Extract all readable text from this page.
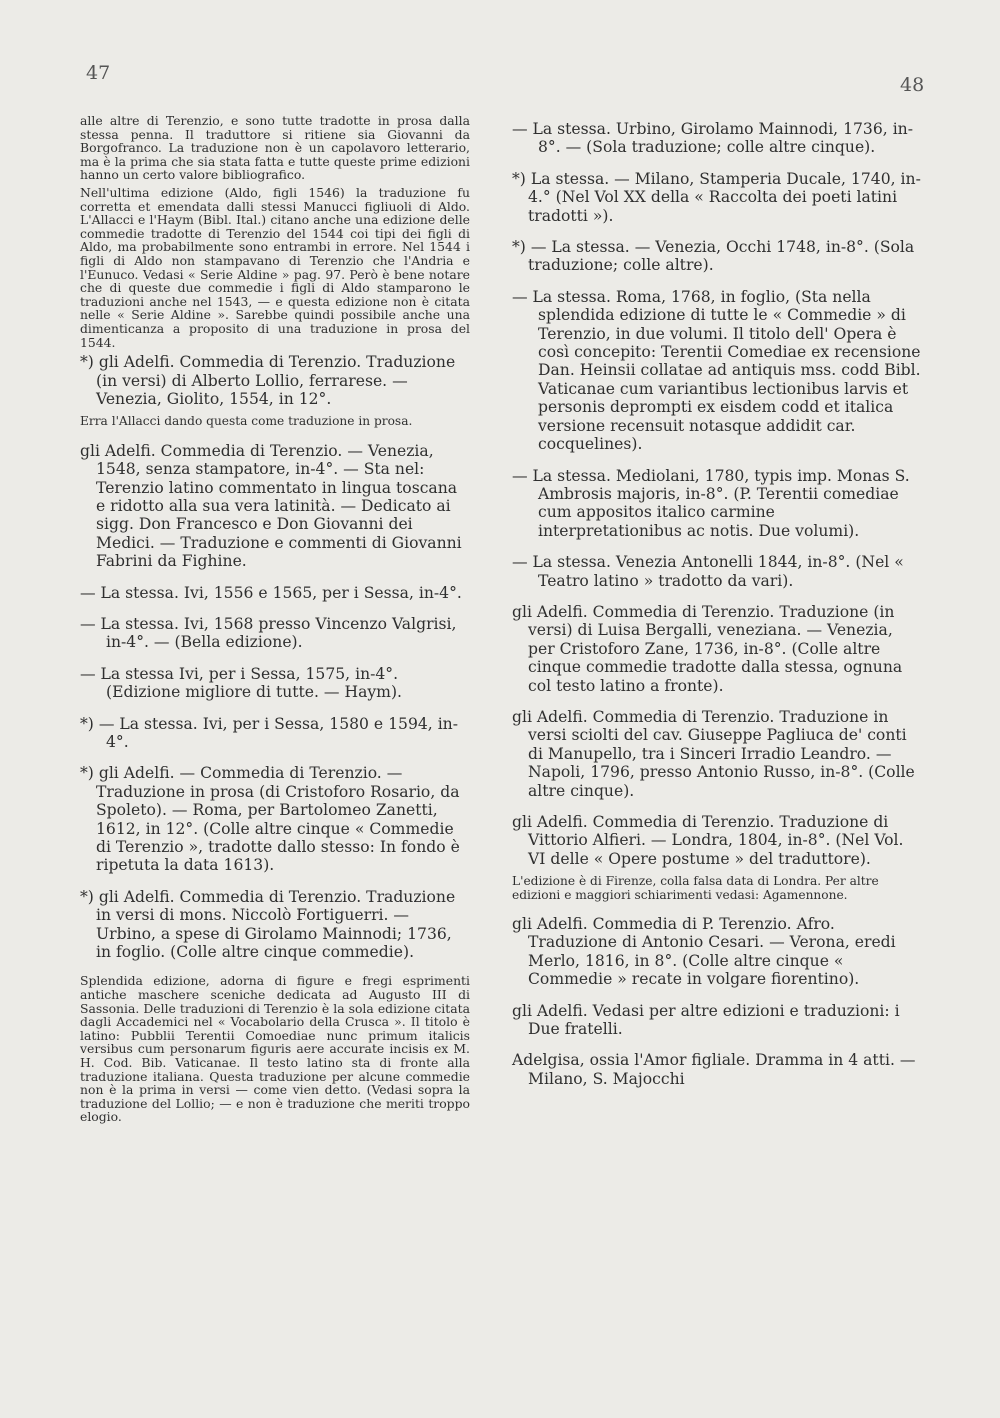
47
48

alle altre di Terenzio, e sono tutte tradotte in prosa dalla stessa penna. Il traduttore si ritiene sia Giovanni da Borgofranco. La traduzione non è un capolavoro letterario, ma è la prima che sia stata fatta e tutte queste prime edizioni hanno un certo valore bibliografico.

Nell'ultima edizione (Aldo, figli 1546) la traduzione fu corretta et emendata dalli stessi Manucci figliuoli di Aldo. L'Allacci e l'Haym (Bibl. Ital.) citano anche una edizione delle commedie tradotte di Terenzio del 1544 coi tipi dei figli di Aldo, ma probabilmente sono entrambi in errore. Nel 1544 i figli di Aldo non stampavano di Terenzio che l'Andria e l'Eunuco. Vedasi « Serie Aldine » pag. 97. Però è bene notare che di queste due commedie i figli di Aldo stamparono le traduzioni anche nel 1543, — e questa edizione non è citata nelle « Serie Aldine ». Sarebbe quindi possibile anche una dimenticanza a proposito di una traduzione in prosa del 1544.

*) gli Adelfi. Commedia di Terenzio. Traduzione (in versi) di Alberto Lollio, ferrarese. — Venezia, Giolito, 1554, in 12°.

Erra l'Allacci dando questa come traduzione in prosa.

gli Adelfi. Commedia di Terenzio. — Venezia, 1548, senza stampatore, in-4°. — Sta nel: Terenzio latino commentato in lingua toscana e ridotto alla sua vera latinità. — Dedicato ai sigg. Don Francesco e Don Giovanni dei Medici. — Traduzione e commenti di Giovanni Fabrini da Fighine.

— La stessa. Ivi, 1556 e 1565, per i Sessa, in-4°.

— La stessa. Ivi, 1568 presso Vincenzo Valgrisi, in-4°. — (Bella edizione).

— La stessa Ivi, per i Sessa, 1575, in-4°. (Edizione migliore di tutte. — Haym).

*) — La stessa. Ivi, per i Sessa, 1580 e 1594, in-4°.

*) gli Adelfi. — Commedia di Terenzio. — Traduzione in prosa (di Cristoforo Rosario, da Spoleto). — Roma, per Bartolomeo Zanetti, 1612, in 12°. (Colle altre cinque « Commedie di Terenzio », tradotte dallo stesso: In fondo è ripetuta la data 1613).

*) gli Adelfi. Commedia di Terenzio. Traduzione in versi di mons. Niccolò Fortiguerri. — Urbino, a spese di Girolamo Mainnodi; 1736, in foglio. (Colle altre cinque commedie).

Splendida edizione, adorna di figure e fregi esprimenti antiche maschere sceniche dedicata ad Augusto III di Sassonia. Delle traduzioni di Terenzio è la sola edizione citata dagli Accademici nel « Vocabolario della Crusca ». Il titolo è latino: Pubblii Terentii Comoediae nunc primum italicis versibus cum personarum figuris aere accurate incisis ex M. H. Cod. Bib. Vaticanae. Il testo latino sta di fronte alla traduzione italiana. Questa traduzione per alcune commedie non è la prima in versi — come vien detto. (Vedasi sopra la traduzione del Lollio; — e non è traduzione che meriti troppo elogio.

— La stessa. Urbino, Girolamo Mainnodi, 1736, in-8°. — (Sola traduzione; colle altre cinque).

*) La stessa. — Milano, Stamperia Ducale, 1740, in-4.° (Nel Vol XX della « Raccolta dei poeti latini tradotti »).

*) — La stessa. — Venezia, Occhi 1748, in-8°. (Sola traduzione; colle altre).

— La stessa. Roma, 1768, in foglio, (Sta nella splendida edizione di tutte le « Commedie » di Terenzio, in due volumi. Il titolo dell' Opera è così concepito: Terentii Comediae ex recensione Dan. Heinsii collatae ad antiquis mss. codd Bibl. Vaticanae cum variantibus lectionibus larvis et personis deprompti ex eisdem codd et italica versione recensuit notasque addidit car. cocquelines).

— La stessa. Mediolani, 1780, typis imp. Monas S. Ambrosis majoris, in-8°. (P. Terentii comediae cum appositos italico carmine interpretationibus ac notis. Due volumi).

— La stessa. Venezia Antonelli 1844, in-8°. (Nel « Teatro latino » tradotto da vari).

gli Adelfi. Commedia di Terenzio. Traduzione (in versi) di Luisa Bergalli, veneziana. — Venezia, per Cristoforo Zane, 1736, in-8°. (Colle altre cinque commedie tradotte dalla stessa, ognuna col testo latino a fronte).

gli Adelfi. Commedia di Terenzio. Traduzione in versi sciolti del cav. Giuseppe Pagliuca de' conti di Manupello, tra i Sinceri Irradio Leandro. — Napoli, 1796, presso Antonio Russo, in-8°. (Colle altre cinque).

gli Adelfi. Commedia di Terenzio. Traduzione di Vittorio Alfieri. — Londra, 1804, in-8°. (Nel Vol. VI delle « Opere postume » del traduttore).

L'edizione è di Firenze, colla falsa data di Londra. Per altre edizioni e maggiori schiarimenti vedasi: Agamennone.

gli Adelfi. Commedia di P. Terenzio. Afro. Traduzione di Antonio Cesari. — Verona, eredi Merlo, 1816, in 8°. (Colle altre cinque « Commedie » recate in volgare fiorentino).

gli Adelfi. Vedasi per altre edizioni e traduzioni: i Due fratelli.

Adelgisa, ossia l'Amor figliale. Dramma in 4 atti. — Milano, S. Majocchi
